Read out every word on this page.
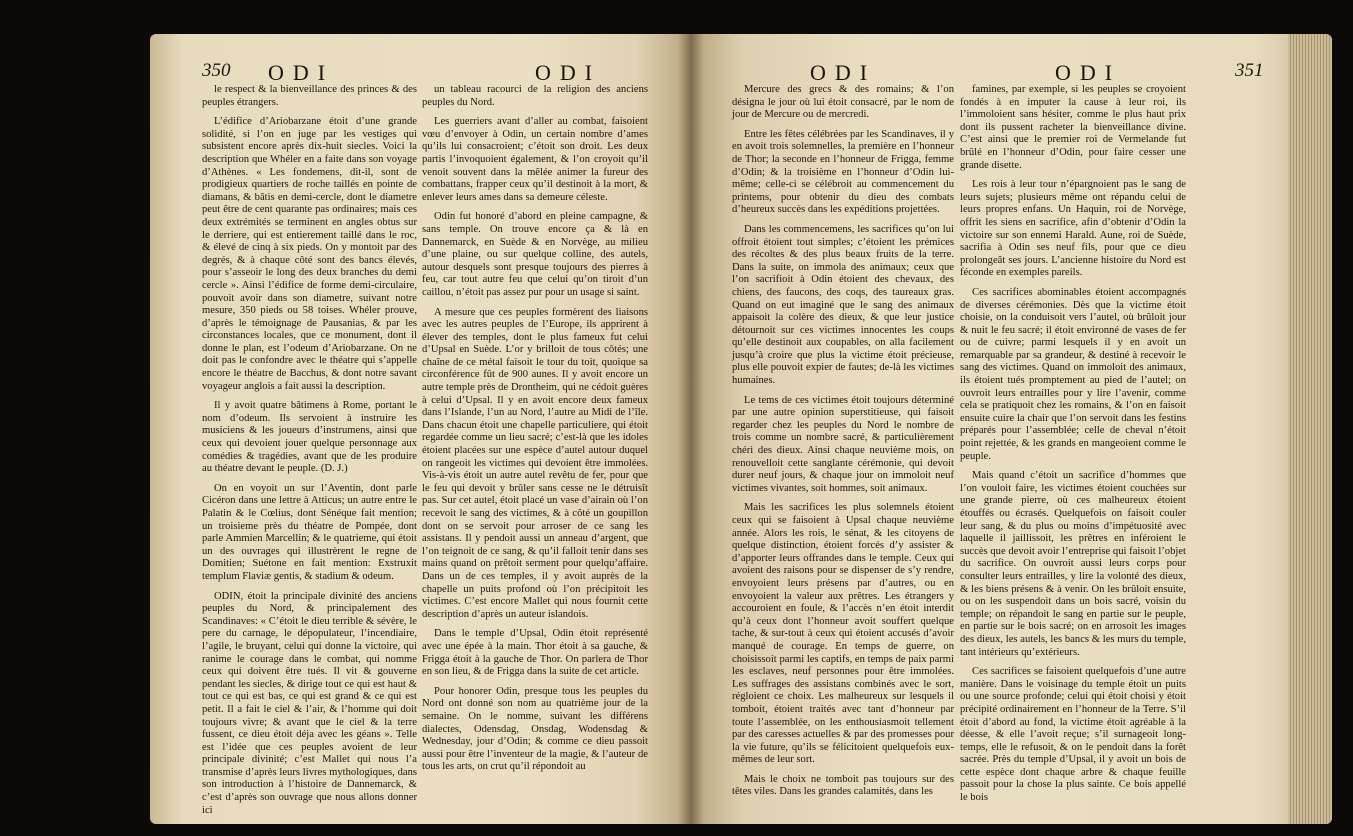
350 ODI	ODI

le respect & la bienveillance des princes & des peuples étrangers.

L’édifice d’Ariobarzane étoit d’une grande solidité, si l’on en juge par les vestiges qui subsistent encore après dix-huit siecles. Voici la description que Whéler en a faite dans son voyage d’Athènes. « Les fondemens, dit-il, sont de prodigieux quartiers de roche taillés en pointe de diamans, & bâtis en demi-cercle, dont le diametre peut être de cent quarante pas ordinaires; mais ces deux extrémités se terminent en angles obtus sur le derriere, qui est entierement taillé dans le roc, & élevé de cinq à six pieds. On y montoit par des degrés, & à chaque côté sont des bancs élevés, pour s’asseoir le long des deux branches du demi cercle ». Ainsi l’édifice de forme demi-circulaire, pouvoit avoir dans son diametre, suivant notre mesure, 350 pieds ou 58 toises. Whéler prouve, d’après le témoignage de Pausanias, & par les circonstances locales, que ce monument, dont il donne le plan, est l’odeum d’Ariobarzane. On ne doit pas le confondre avec le théatre qui s’appelle encore le théatre de Bacchus, & dont notre savant voyageur anglois a fait aussi la description.

Il y avoit quatre bâtimens à Rome, portant le nom d’odeum. Ils servoient à instruire les musiciens & les joueurs d’instrumens, ainsi que ceux qui devoient jouer quelque personnage aux comédies & tragédies, avant que de les produire au théatre devant le peuple. (D. J.)

On en voyoit un sur l’Aventin, dont parle Cicéron dans une lettre à Atticus; un autre entre le Palatin & le Cœlius, dont Sénéque fait mention; un troisieme près du théatre de Pompée, dont parle Ammien Marcellin; & le quatrieme, qui étoit un des ouvrages qui illustrèrent le regne de Domitien; Suétone en fait mention: Exstruxit templum Flaviæ gentis, & stadium & odeum.

ODIN, étoit la principale divinité des anciens peuples du Nord, & principalement des Scandinaves: « C’étoit le dieu terrible & sévère, le pere du carnage, le dépopulateur, l’incendiaire, l’agile, le bruyant, celui qui donne la victoire, qui ranime le courage dans le combat, qui nomme ceux qui doivent être tués. Il vit & gouverne pendant les siecles, & dirige tout ce qui est haut & tout ce qui est bas, ce qui est grand & ce qui est petit. Il a fait le ciel & l’air, & l’homme qui doit toujours vivre; & avant que le ciel & la terre fussent, ce dieu étoit déja avec les géans ». Telle est l’idée que ces peuples avoient de leur principale divinité; c’est Mallet qui nous l’a transmise d’après leurs livres mythologiques, dans son introduction à l’histoire de Dannemarck, & c’est d’après son ouvrage que nous allons donner ici

un tableau racourci de la religion des anciens peuples du Nord.

Les guerriers avant d’aller au combat, faisoient vœu d’envoyer à Odin, un certain nombre d’ames qu’ils lui consacroient; c’étoit son droit. Les deux partis l’invoquoient également, & l’on croyoit qu’il venoit souvent dans la mêlée animer la fureur des combattans, frapper ceux qu’il destinoit à la mort, & enlever leurs ames dans sa demeure céleste.

Odin fut honoré d’abord en pleine campagne, & sans temple. On trouve encore ça & là en Dannemarck, en Suède & en Norvège, au milieu d’une plaine, ou sur quelque colline, des autels, autour desquels sont presque toujours des pierres à feu, car tout autre feu que celui qu’on tiroit d’un caillou, n’étoit pas assez pur pour un usage si saint.

A mesure que ces peuples formèrent des liaisons avec les autres peuples de l’Europe, ils apprirent à élever des temples, dont le plus fameux fut celui d’Upsal en Suède. L’or y brilloit de tous côtés; une chaîne de ce métal faisoit le tour du toit, quoique sa circonférence fût de 900 aunes. Il y avoit encore un autre temple près de Drontheim, qui ne cédoit guères à celui d’Upsal. Il y en avoit encore deux fameux dans l’Islande, l’un au Nord, l’autre au Midi de l’île. Dans chacun étoit une chapelle particuliere, qui étoit regardée comme un lieu sacré; c’est-là que les idoles étoient placées sur une espèce d’autel autour duquel on rangeoit les victimes qui devoient être immolées. Vis-à-vis étoit un autre autel revêtu de fer, pour que le feu qui devoit y brûler sans cesse ne le détruisît pas. Sur cet autel, étoit placé un vase d’airain où l’on recevoit le sang des victimes, & à côté un goupillon dont on se servoit pour arroser de ce sang les assistans. Il y pendoit aussi un anneau d’argent, que l’on teignoit de ce sang, & qu’il falloit tenir dans ses mains quand on prêtoit serment pour quelqu’affaire. Dans un de ces temples, il y avoit auprès de la chapelle un puits profond où l’on précipitoit les victimes. C’est encore Mallet qui nous fournit cette description d’après un auteur islandois.

Dans le temple d’Upsal, Odin étoit représenté avec une épée à la main. Thor étoit à sa gauche, & Frigga étoit à la gauche de Thor. On parlera de Thor en son lieu, & de Frigga dans la suite de cet article.

Pour honorer Odin, presque tous les peuples du Nord ont donné son nom au quatrième jour de la semaine. On le nomme, suivant les différens dialectes, Odensdag, Onsdag, Wodensdag & Wednesday, jour d’Odin; & comme ce dieu passoit aussi pour être l’inventeur de la magie, & l’auteur de tous les arts, on crut qu’il répondoit au

ODI	ODI	351

Mercure des grecs & des romains; & l’on désigna le jour où lui étoit consacré, par le nom de jour de Mercure ou de mercredi.

Entre les fêtes célébrées par les Scandinaves, il y en avoit trois solemnelles, la première en l’honneur de Thor; la seconde en l’honneur de Frigga, femme d’Odin; & la troisième en l’honneur d’Odin lui-même; celle-ci se célébroit au commencement du printems, pour obtenir du dieu des combats d’heureux succès dans les expéditions projettées.

Dans les commencemens, les sacrifices qu’on lui offroit étoient tout simples; c’étoient les prémices des récoltes & des plus beaux fruits de la terre. Dans la suite, on immola des animaux; ceux que l’on sacrifioit à Odin étoient des chevaux, des chiens, des faucons, des coqs, des taureaux gras. Quand on eut imaginé que le sang des animaux appaisoit la colère des dieux, & que leur justice détournoit sur ces victimes innocentes les coups qu’elle destinoit aux coupables, on alla facilement jusqu’à croire que plus la victime étoit précieuse, plus elle pouvoit expier de fautes; de-là les victimes humaines.

Le tems de ces victimes étoit toujours déterminé par une autre opinion superstitieuse, qui faisoit regarder chez les peuples du Nord le nombre de trois comme un nombre sacré, & particulièrement chéri des dieux. Ainsi chaque neuvième mois, on renouvelloit cette sanglante cérémonie, qui devoit durer neuf jours, & chaque jour on immoloit neuf victimes vivantes, soit hommes, soit animaux.

Mais les sacrifices les plus solemnels étoient ceux qui se faisoient à Upsal chaque neuvième année. Alors les rois, le sénat, & les citoyens de quelque distinction, étoient forcés d’y assister & d’apporter leurs offrandes dans le temple. Ceux qui avoient des raisons pour se dispenser de s’y rendre, envoyoient leurs présens par d’autres, ou en envoyoient la valeur aux prêtres. Les étrangers y accouroient en foule, & l’accès n’en étoit interdit qu’à ceux dont l’honneur avoit souffert quelque tache, & sur-tout à ceux qui étoient accusés d’avoir manqué de courage. En temps de guerre, on choisissoit parmi les captifs, en temps de paix parmi les esclaves, neuf personnes pour être immolées. Les suffrages des assistans combinés avec le sort, régloient ce choix. Les malheureux sur lesquels il tomboit, étoient traités avec tant d’honneur par toute l’assemblée, on les enthousiasmoit tellement par des caresses actuelles & par des promesses pour la vie future, qu’ils se félicitoient quelquefois eux-mêmes de leur sort.

Mais le choix ne tomboit pas toujours sur des têtes viles. Dans les grandes calamités, dans les

famines, par exemple, si les peuples se croyoient fondés à en imputer la cause à leur roi, ils l’immoloient sans hésiter, comme le plus haut prix dont ils pussent racheter la bienveillance divine. C’est ainsi que le premier roi de Vermelande fut brûlé en l’honneur d’Odin, pour faire cesser une grande disette.

Les rois à leur tour n’épargnoient pas le sang de leurs sujets; plusieurs même ont répandu celui de leurs propres enfans. Un Haquin, roi de Norvège, offrit les siens en sacrifice, afin d’obtenir d’Odin la victoire sur son ennemi Harald. Aune, roi de Suède, sacrifia à Odin ses neuf fils, pour que ce dieu prolongeât ses jours. L’ancienne histoire du Nord est féconde en exemples pareils.

Ces sacrifices abominables étoient accompagnés de diverses cérémonies. Dès que la victime étoit choisie, on la conduisoit vers l’autel, où brûloit jour & nuit le feu sacré; il étoit environné de vases de fer ou de cuivre; parmi lesquels il y en avoit un remarquable par sa grandeur, & destiné à recevoir le sang des victimes. Quand on immoloit des animaux, ils étoient tués promptement au pied de l’autel; on ouvroit leurs entrailles pour y lire l’avenir, comme cela se pratiquoit chez les romains, & l’on en faisoit ensuite cuire la chair que l’on servoit dans les festins préparés pour l’assemblée; celle de cheval n’étoit point rejettée, & les grands en mangeoient comme le peuple.

Mais quand c’étoit un sacrifice d’hommes que l’on vouloit faire, les victimes étoient couchées sur une grande pierre, où ces malheureux étoient étouffés ou écrasés. Quelquefois on faisoit couler leur sang, & du plus ou moins d’impétuosité avec laquelle il jaillissoit, les prêtres en inféroient le succès que devoit avoir l’entreprise qui faisoit l’objet du sacrifice. On ouvroit aussi leurs corps pour consulter leurs entrailles, y lire la volonté des dieux, & les biens présens & à venir. On les brûloit ensuite, ou on les suspendoit dans un bois sacré, voisin du temple; on répandoit le sang en partie sur le peuple, en partie sur le bois sacré; on en arrosoit les images des dieux, les autels, les bancs & les murs du temple, tant intérieurs qu’extérieurs.

Ces sacrifices se faisoient quelquefois d’une autre manière. Dans le voisinage du temple étoit un puits ou une source profonde; celui qui étoit choisi y étoit précipité ordinairement en l’honneur de la Terre. S’il étoit d’abord au fond, la victime étoit agréable à la déesse, & elle l’avoit reçue; s’il surnageoit long-temps, elle le refusoit, & on le pendoit dans la forêt sacrée. Près du temple d’Upsal, il y avoit un bois de cette espèce dont chaque arbre & chaque feuille passoit pour la chose la plus sainte. Ce bois appellé le bois
